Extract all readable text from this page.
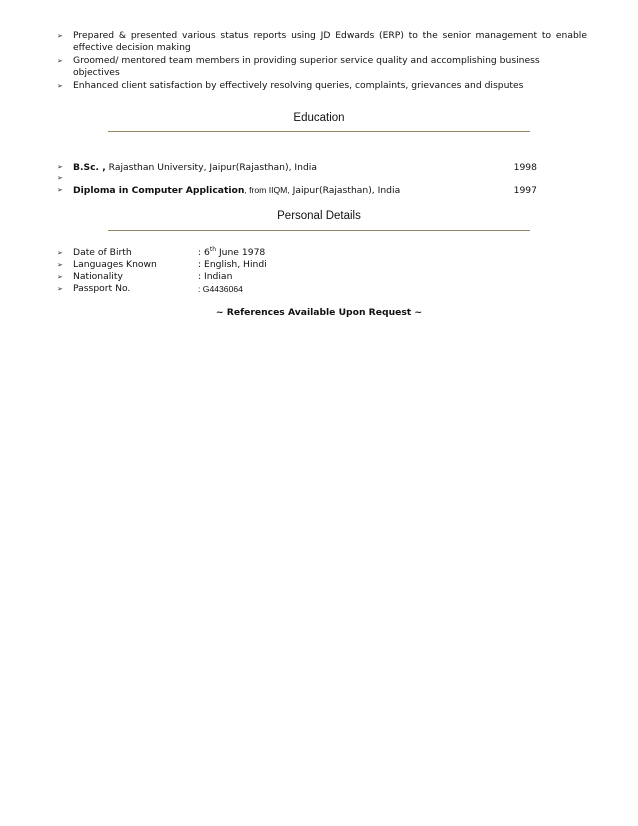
➢ Prepared & presented various status reports using JD Edwards (ERP) to the senior management to enable effective decision making
➢ Groomed/ mentored team members in providing superior service quality and accomplishing business objectives
➢ Enhanced client satisfaction by effectively resolving queries, complaints, grievances and disputes
Education
➢ B.Sc. , Rajasthan University, Jaipur(Rajasthan), India	1998
➢
➢ Diploma in Computer Application, from IIQM, Jaipur(Rajasthan), India	1997
Personal Details
➢ Date of Birth	: 6th June 1978
➢ Languages Known	: English, Hindi
➢ Nationality	: Indian
➢ Passport No.	: G4436064
~ References Available Upon Request ~
